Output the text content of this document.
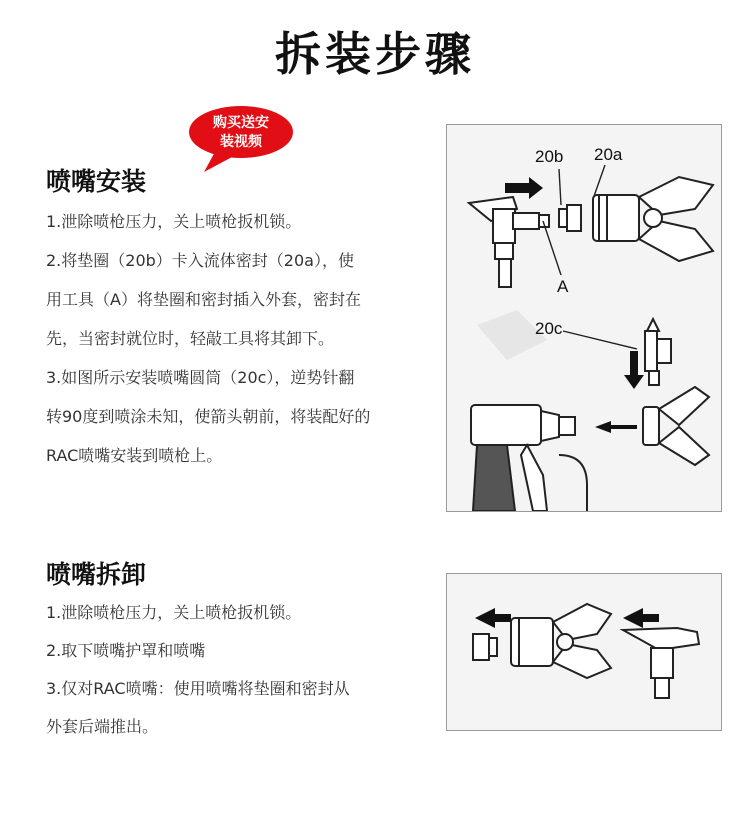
拆装步骤
购买送安
装视频
喷嘴安装
1.泄除喷枪压力，关上喷枪扳机锁。
2.将垫圈（20b）卡入流体密封（20a），使
用工具（A）将垫圈和密封插入外套，密封在
先，当密封就位时，轻敲工具将其卸下。
3.如图所示安装喷嘴圆筒（20c），逆势针翻
转90度到喷涂未知，使箭头朝前，将装配好的
RAC喷嘴安装到喷枪上。
20b 20a
A
20c
喷嘴拆卸
1.泄除喷枪压力，关上喷枪扳机锁。
2.取下喷嘴护罩和喷嘴
3.仅对RAC喷嘴：使用喷嘴将垫圈和密封从
外套后端推出。
